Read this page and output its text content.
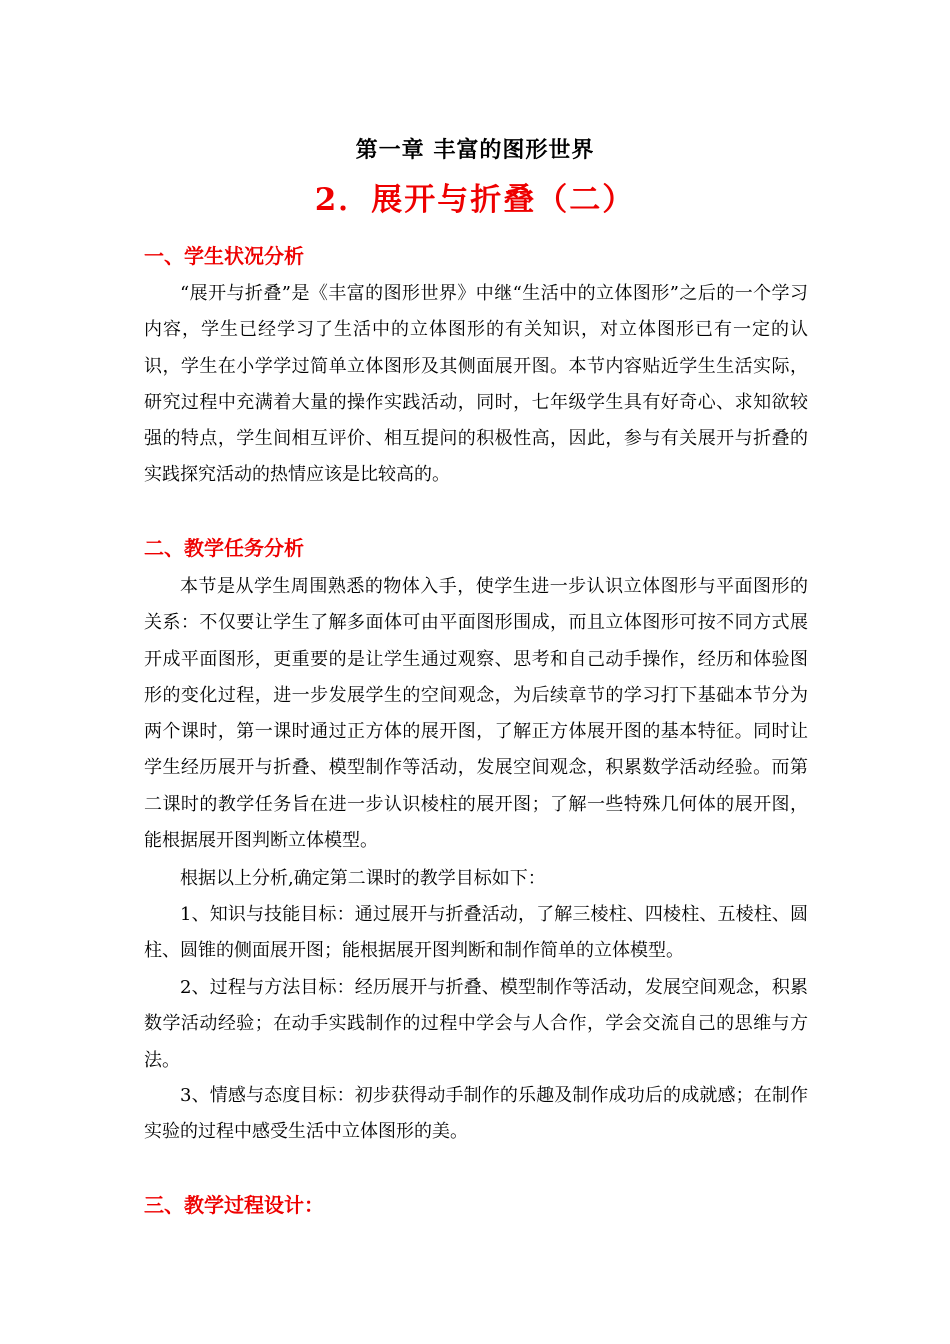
第一章 丰富的图形世界
2．展开与折叠（二）
一、学生状况分析

“展开与折叠”是《丰富的图形世界》中继“生活中的立体图形”之后的一个学习内容，学生已经学习了生活中的立体图形的有关知识，对立体图形已有一定的认识，学生在小学学过简单立体图形及其侧面展开图。本节内容贴近学生生活实际，研究过程中充满着大量的操作实践活动，同时，七年级学生具有好奇心、求知欲较强的特点，学生间相互评价、相互提问的积极性高，因此，参与有关展开与折叠的实践探究活动的热情应该是比较高的。

二、教学任务分析

本节是从学生周围熟悉的物体入手，使学生进一步认识立体图形与平面图形的关系：不仅要让学生了解多面体可由平面图形围成，而且立体图形可按不同方式展开成平面图形，更重要的是让学生通过观察、思考和自己动手操作，经历和体验图形的变化过程，进一步发展学生的空间观念，为后续章节的学习打下基础本节分为两个课时，第一课时通过正方体的展开图，了解正方体展开图的基本特征。同时让学生经历展开与折叠、模型制作等活动，发展空间观念，积累数学活动经验。而第二课时的教学任务旨在进一步认识棱柱的展开图；了解一些特殊几何体的展开图，能根据展开图判断立体模型。

根据以上分析,确定第二课时的教学目标如下：

1、知识与技能目标：通过展开与折叠活动，了解三棱柱、四棱柱、五棱柱、圆柱、圆锥的侧面展开图；能根据展开图判断和制作简单的立体模型。

2、过程与方法目标：经历展开与折叠、模型制作等活动，发展空间观念，积累数学活动经验；在动手实践制作的过程中学会与人合作，学会交流自己的思维与方法。

3、情感与态度目标：初步获得动手制作的乐趣及制作成功后的成就感；在制作实验的过程中感受生活中立体图形的美。

三、教学过程设计：
